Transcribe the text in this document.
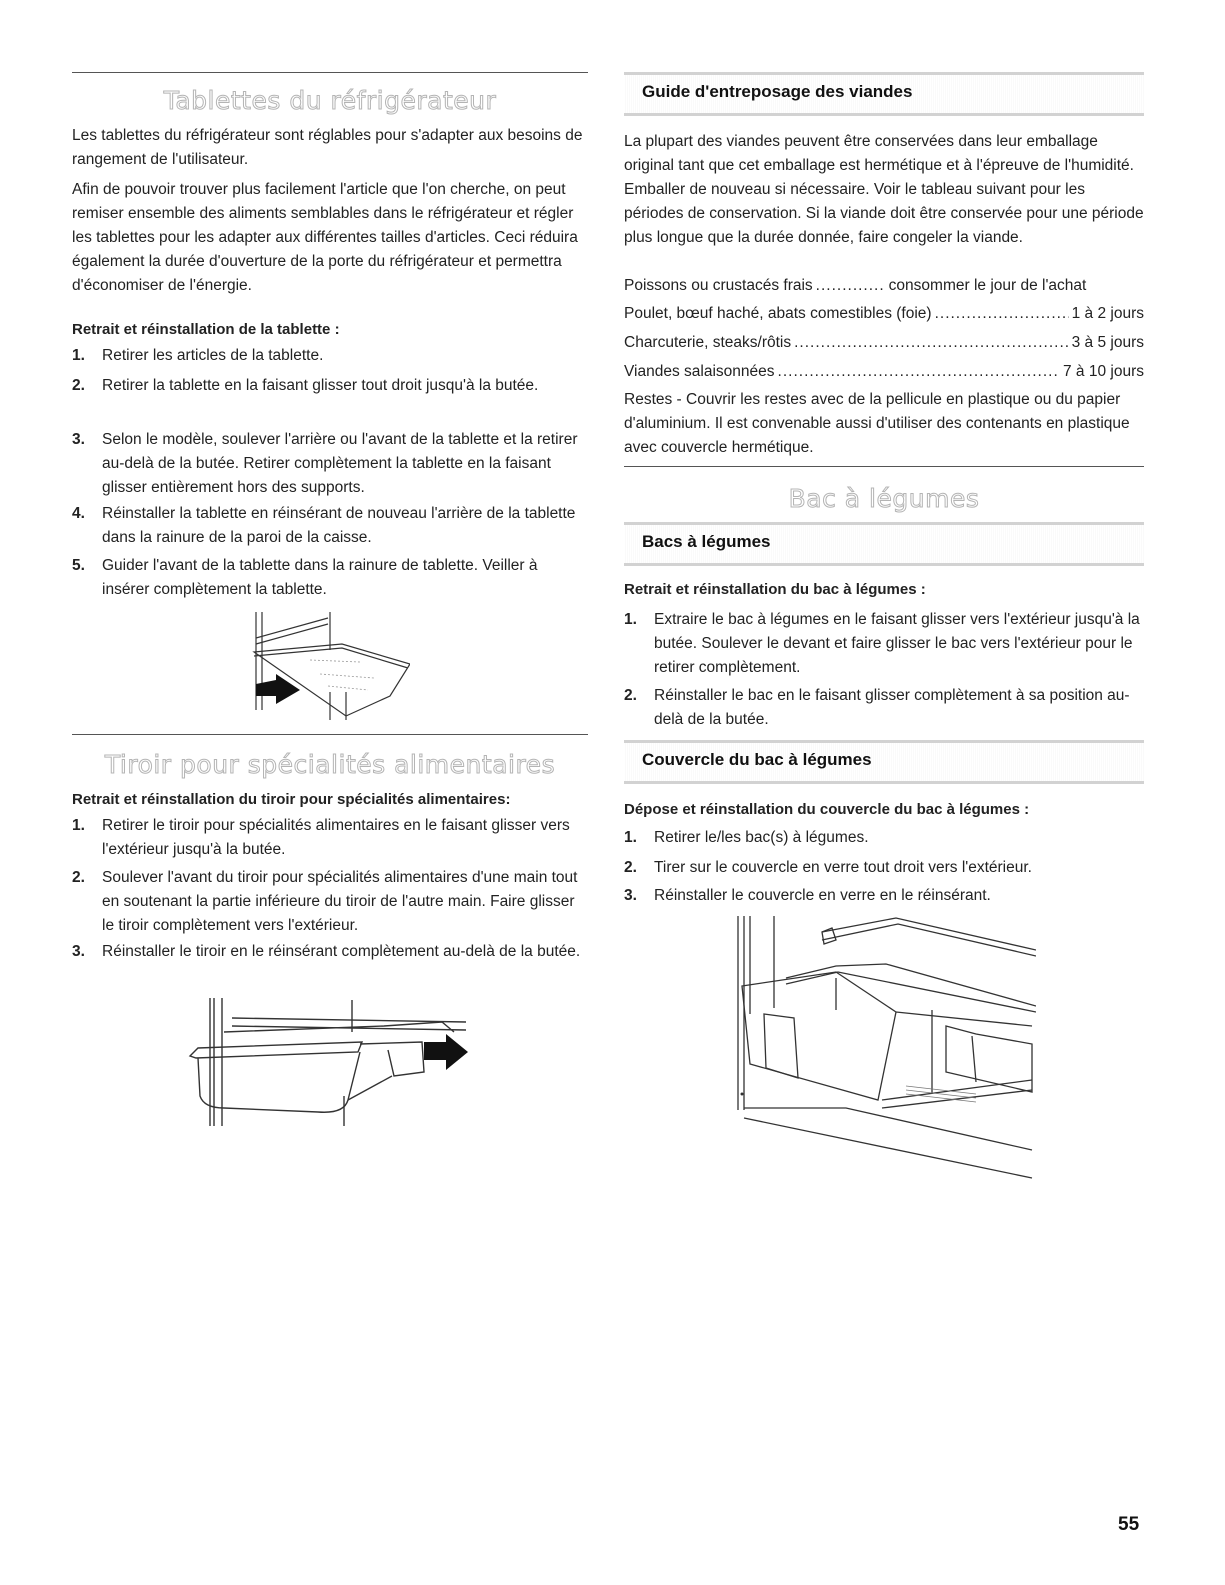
Tablettes du réfrigérateur

Les tablettes du réfrigérateur sont réglables pour s'adapter aux besoins de rangement de l'utilisateur.

Afin de pouvoir trouver plus facilement l'article que l'on cherche, on peut remiser ensemble des aliments semblables dans le réfrigérateur et régler les tablettes pour les adapter aux différentes tailles d'articles. Ceci réduira également la durée d'ouverture de la porte du réfrigérateur et permettra d'économiser de l'énergie.

Retrait et réinstallation de la tablette :

1. Retirer les articles de la tablette.

2. Retirer la tablette en la faisant glisser tout droit jusqu'à la butée.

3. Selon le modèle, soulever l'arrière ou l'avant de la tablette et la retirer au-delà de la butée. Retirer complètement la tablette en la faisant glisser entièrement hors des supports.

4. Réinstaller la tablette en réinsérant de nouveau l'arrière de la tablette dans la rainure de la paroi de la caisse.

5. Guider l'avant de la tablette dans la rainure de tablette. Veiller à insérer complètement la tablette.

Tiroir pour spécialités alimentaires

Retrait et réinstallation du tiroir pour spécialités alimentaires:

1. Retirer le tiroir pour spécialités alimentaires en le faisant glisser vers l'extérieur jusqu'à la butée.

2. Soulever l'avant du tiroir pour spécialités alimentaires d'une main tout en soutenant la partie inférieure du tiroir de l'autre main. Faire glisser le tiroir complètement vers l'extérieur.

3. Réinstaller le tiroir en le réinsérant complètement au-delà de la butée.

Guide d'entreposage des viandes

La plupart des viandes peuvent être conservées dans leur emballage original tant que cet emballage est hermétique et à l'épreuve de l'humidité. Emballer de nouveau si nécessaire. Voir le tableau suivant pour les périodes de conservation. Si la viande doit être conservée pour une période plus longue que la durée donnée, faire congeler la viande.

Poissons ou crustacés frais .....	consommer le jour de l'achat
Poulet, bœuf haché, abats comestibles (foie) .....	1 à 2 jours
Charcuterie, steaks/rôtis .....	3 à 5 jours
Viandes salaisonnées .....	7 à 10 jours

Restes - Couvrir les restes avec de la pellicule en plastique ou du papier d'aluminium. Il est convenable aussi d'utiliser des contenants en plastique avec couvercle hermétique.

Bac à légumes
Bacs à légumes

Retrait et réinstallation du bac à légumes :

1. Extraire le bac à légumes en le faisant glisser vers l'extérieur jusqu'à la butée. Soulever le devant et faire glisser le bac vers l'extérieur pour le retirer complètement.

2. Réinstaller le bac en le faisant glisser complètement à sa position au-delà de la butée.

Couvercle du bac à légumes

Dépose et réinstallation du couvercle du bac à légumes :

1. Retirer le/les bac(s) à légumes.

2. Tirer sur le couvercle en verre tout droit vers l'extérieur.

3. Réinstaller le couvercle en verre en le réinsérant.

55
